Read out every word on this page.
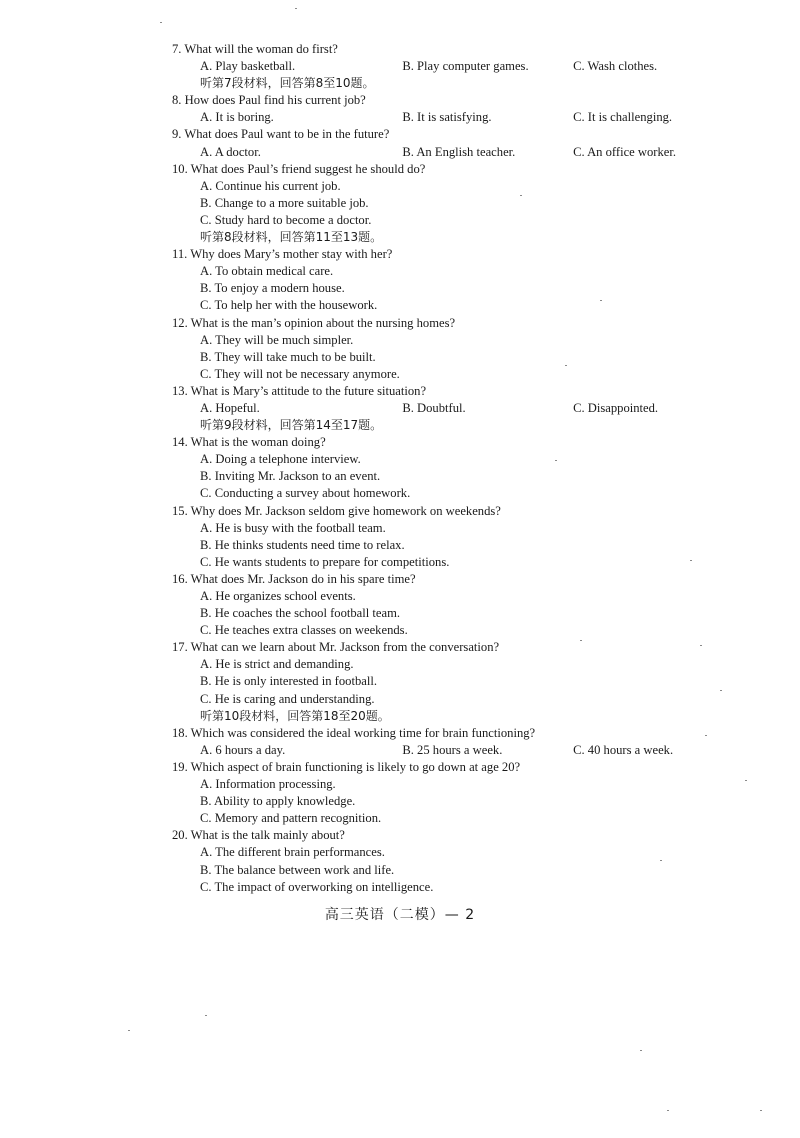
7. What will the woman do first?
A. Play basketball.	B. Play computer games.	C. Wash clothes.
听第7段材料，回答第8至10题。
8. How does Paul find his current job?
A. It is boring.	B. It is satisfying.	C. It is challenging.
9. What does Paul want to be in the future?
A. A doctor.	B. An English teacher.	C. An office worker.
10. What does Paul’s friend suggest he should do?
A. Continue his current job.
B. Change to a more suitable job.
C. Study hard to become a doctor.
听第8段材料，回答第11至13题。
11. Why does Mary’s mother stay with her?
A. To obtain medical care.
B. To enjoy a modern house.
C. To help her with the housework.
12. What is the man’s opinion about the nursing homes?
A. They will be much simpler.
B. They will take much to be built.
C. They will not be necessary anymore.
13. What is Mary’s attitude to the future situation?
A. Hopeful.	B. Doubtful.	C. Disappointed.
听第9段材料，回答第14至17题。
14. What is the woman doing?
A. Doing a telephone interview.
B. Inviting Mr. Jackson to an event.
C. Conducting a survey about homework.
15. Why does Mr. Jackson seldom give homework on weekends?
A. He is busy with the football team.
B. He thinks students need time to relax.
C. He wants students to prepare for competitions.
16. What does Mr. Jackson do in his spare time?
A. He organizes school events.
B. He coaches the school football team.
C. He teaches extra classes on weekends.
17. What can we learn about Mr. Jackson from the conversation?
A. He is strict and demanding.
B. He is only interested in football.
C. He is caring and understanding.
听第10段材料，回答第18至20题。
18. Which was considered the ideal working time for brain functioning?
A. 6 hours a day.	B. 25 hours a week.	C. 40 hours a week.
19. Which aspect of brain functioning is likely to go down at age 20?
A. Information processing.
B. Ability to apply knowledge.
C. Memory and pattern recognition.
20. What is the talk mainly about?
A. The different brain performances.
B. The balance between work and life.
C. The impact of overworking on intelligence.
高三英语（二模）— 2
